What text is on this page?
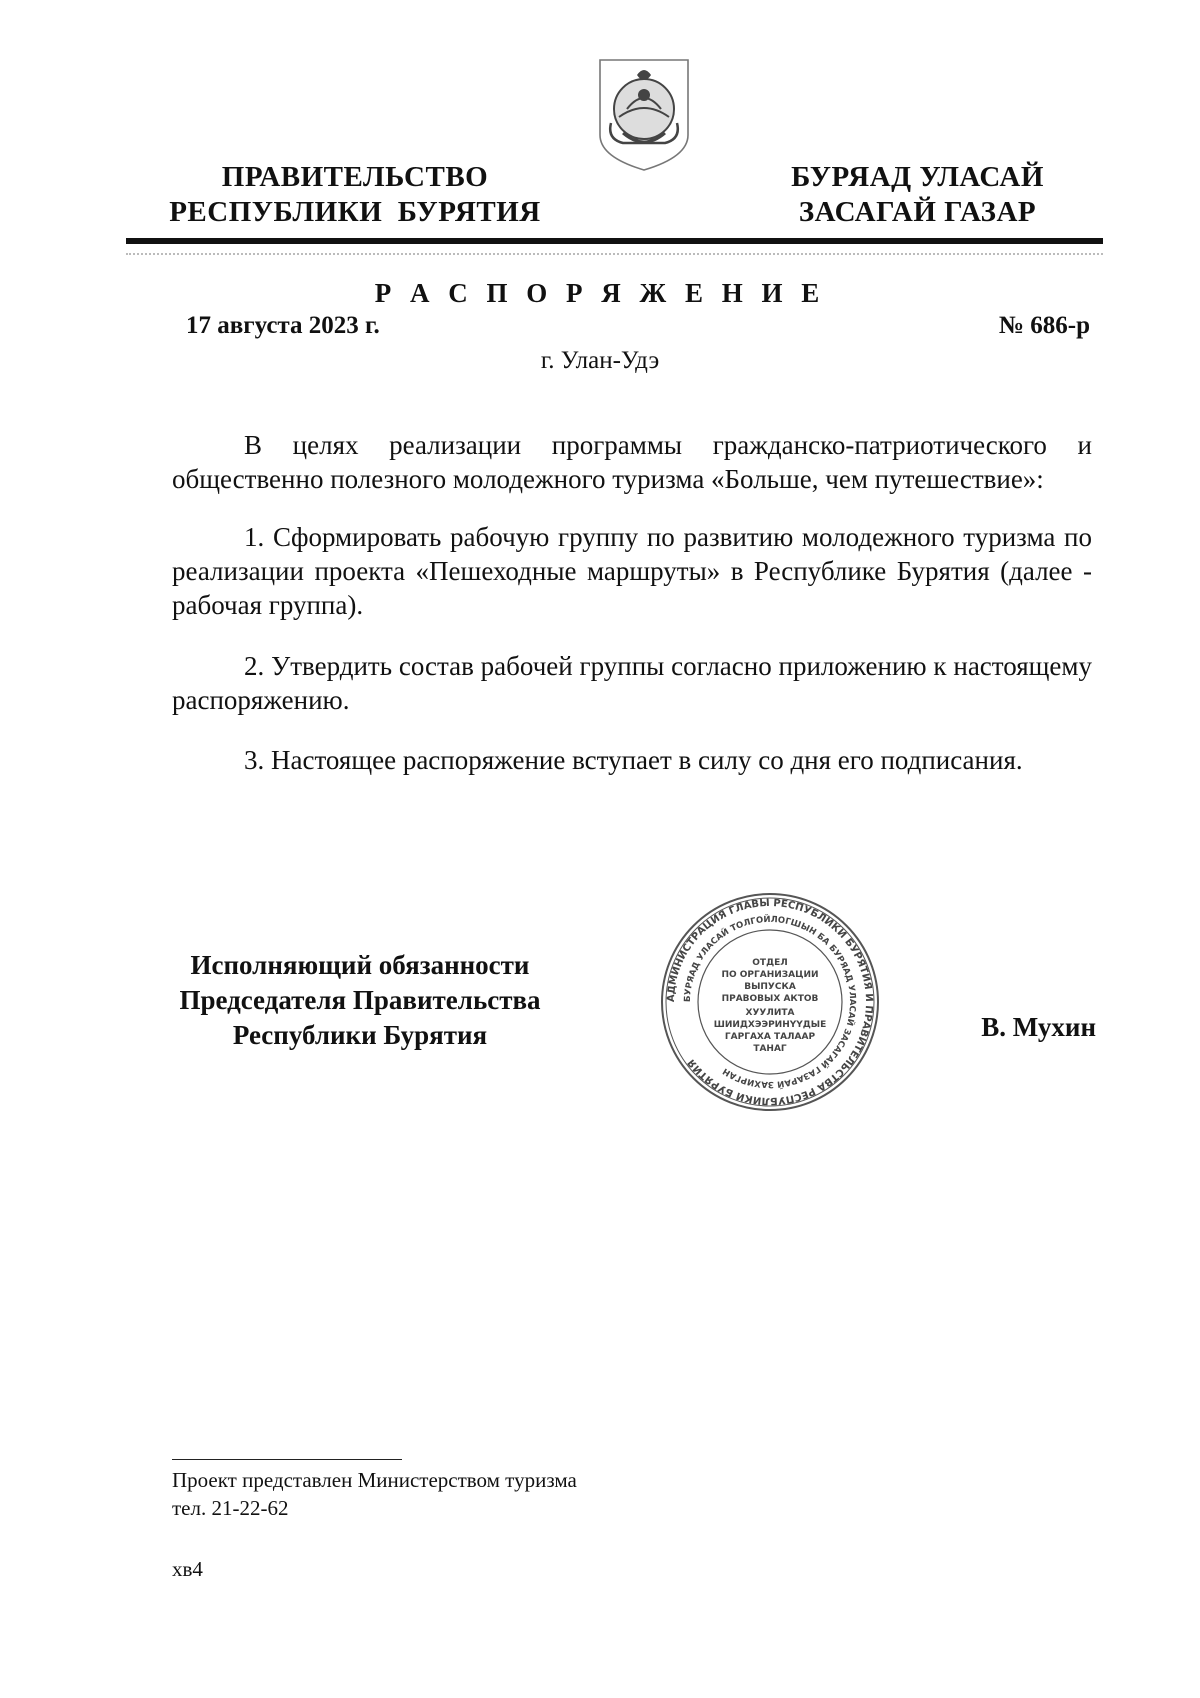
ПРАВИТЕЛЬСТВО
РЕСПУБЛИКИ  БУРЯТИЯ
БУРЯАД УЛАСАЙ
ЗАСАГАЙ ГАЗАР
Р А С П О Р Я Ж Е Н И Е
17 августа 2023 г.	№ 686-р
г. Улан-Удэ

В целях реализации программы гражданско-патриотического и общественно полезного молодежного туризма «Больше, чем путешествие»:

1. Сформировать рабочую группу по развитию молодежного туризма по реализации проекта «Пешеходные маршруты» в Республике Бурятия (далее - рабочая группа).

2. Утвердить состав рабочей группы согласно приложению к настоящему распоряжению.

3. Настоящее распоряжение вступает в силу со дня его подписания.

Исполняющий обязанности
Председателя Правительства
Республики Бурятия
АДМИНИСТРАЦИЯ ГЛАВЫ РЕСПУБЛИКИ БУРЯТИЯ И ПРАВИТЕЛЬСТВА РЕСПУБЛИКИ БУРЯТИЯ
БУРЯАД УЛАСАЙ ТОЛГОЙЛОГШЫН БА БУРЯАД УЛАСАЙ ЗАСАГАЙ ГАЗАРАЙ ЗАХИРГАН
ОТДЕЛ
ПО ОРГАНИЗАЦИИ
ВЫПУСКА
ПРАВОВЫХ АКТОВ
ХУУЛИТА
ШИИДХЭЭРИНҮҮДЫЕ
ГАРГАХА ТАЛААР
ТАНАГ
В. Мухин
Проект представлен Министерством туризма
тел. 21-22-62
хв4
